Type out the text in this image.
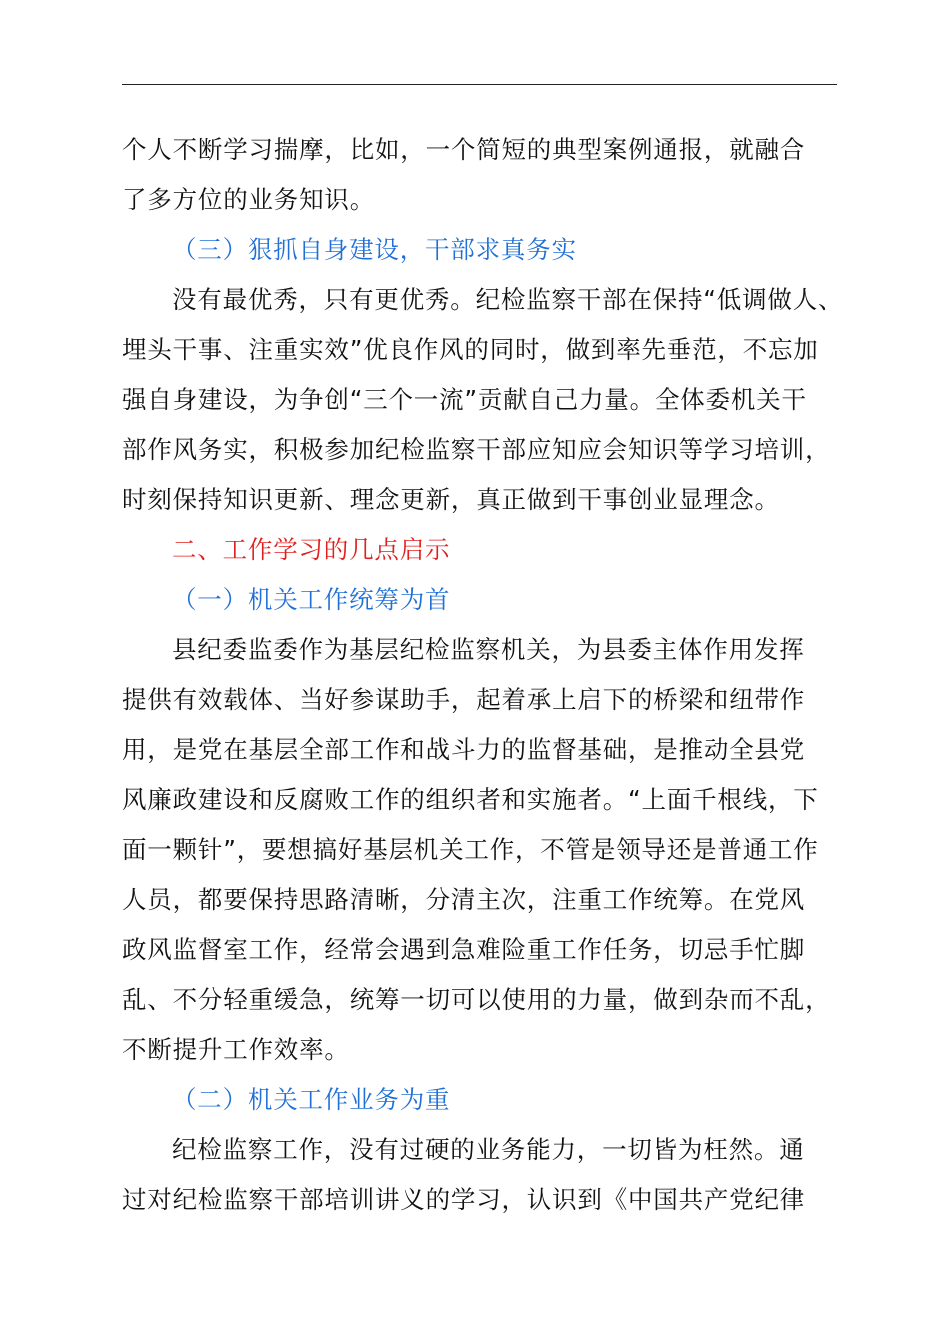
个人不断学习揣摩，比如，一个简短的典型案例通报，就融合
了多方位的业务知识。
（三）狠抓自身建设，干部求真务实
没有最优秀，只有更优秀。纪检监察干部在保持“低调做人、
埋头干事、注重实效”优良作风的同时，做到率先垂范，不忘加
强自身建设，为争创“三个一流”贡献自己力量。全体委机关干
部作风务实，积极参加纪检监察干部应知应会知识等学习培训，
时刻保持知识更新、理念更新，真正做到干事创业显理念。
二、工作学习的几点启示
（一）机关工作统筹为首
县纪委监委作为基层纪检监察机关，为县委主体作用发挥
提供有效载体、当好参谋助手，起着承上启下的桥梁和纽带作
用，是党在基层全部工作和战斗力的监督基础，是推动全县党
风廉政建设和反腐败工作的组织者和实施者。“上面千根线，下
面一颗针”，要想搞好基层机关工作，不管是领导还是普通工作
人员，都要保持思路清晰，分清主次，注重工作统筹。在党风
政风监督室工作，经常会遇到急难险重工作任务，切忌手忙脚
乱、不分轻重缓急，统筹一切可以使用的力量，做到杂而不乱，
不断提升工作效率。
（二）机关工作业务为重
纪检监察工作，没有过硬的业务能力，一切皆为枉然。通
过对纪检监察干部培训讲义的学习，认识到《中国共产党纪律
